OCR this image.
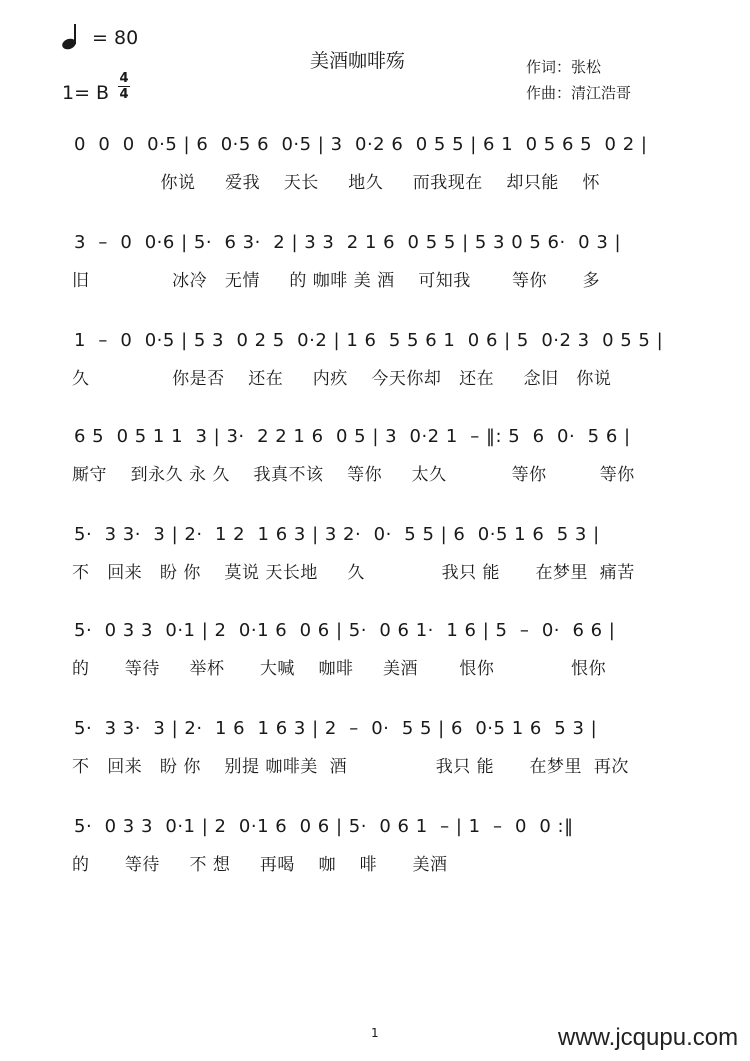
= 80
美酒咖啡殇	作词：张松
作曲：清江浩哥
1= B
4
4
0  0  0  0·5 | 6  0·5 6  0·5 | 3  0·2 6  0 5 5 | 6 1  0 5 6 5  0 2 |
你说     爱我    天长     地久     而我现在    却只能    怀
3  –  0  0·6 | 5·  6 3·  2 | 3 3  2 1 6  0 5 5 | 5 3 0 5 6·  0 3 |
旧              冰冷   无情     的 咖啡 美 酒    可知我       等你      多
1  –  0  0·5 | 5 3  0 2 5  0·2 | 1 6  5 5 6 1  0 6 | 5  0·2 3  0 5 5 |
久              你是否    还在     内疚    今天你却   还在     念旧   你说
6 5  0 5 1 1  3 | 3·  2 2 1 6  0 5 | 3  0·2 1  – ‖: 5  6  0·  5 6 |
厮守    到永久 永 久    我真不该    等你     太久           等你         等你
5·  3 3·  3 | 2·  1 2  1 6 3 | 3 2·  0·  5 5 | 6  0·5 1 6  5 3 |
不   回来   盼 你    莫说 天长地     久             我只 能      在梦里  痛苦
5·  0 3 3  0·1 | 2  0·1 6  0 6 | 5·  0 6 1·  1 6 | 5  –  0·  6 6 |
的      等待     举杯      大喊    咖啡     美酒       恨你             恨你
5·  3 3·  3 | 2·  1 6  1 6 3 | 2  –  0·  5 5 | 6  0·5 1 6  5 3 |
不   回来   盼 你    别提 咖啡美  酒               我只 能      在梦里  再次
5·  0 3 3  0·1 | 2  0·1 6  0 6 | 5·  0 6 1  – | 1  –  0  0 :‖
的      等待     不 想     再喝    咖    啡      美酒
1	www.jcqupu.com
